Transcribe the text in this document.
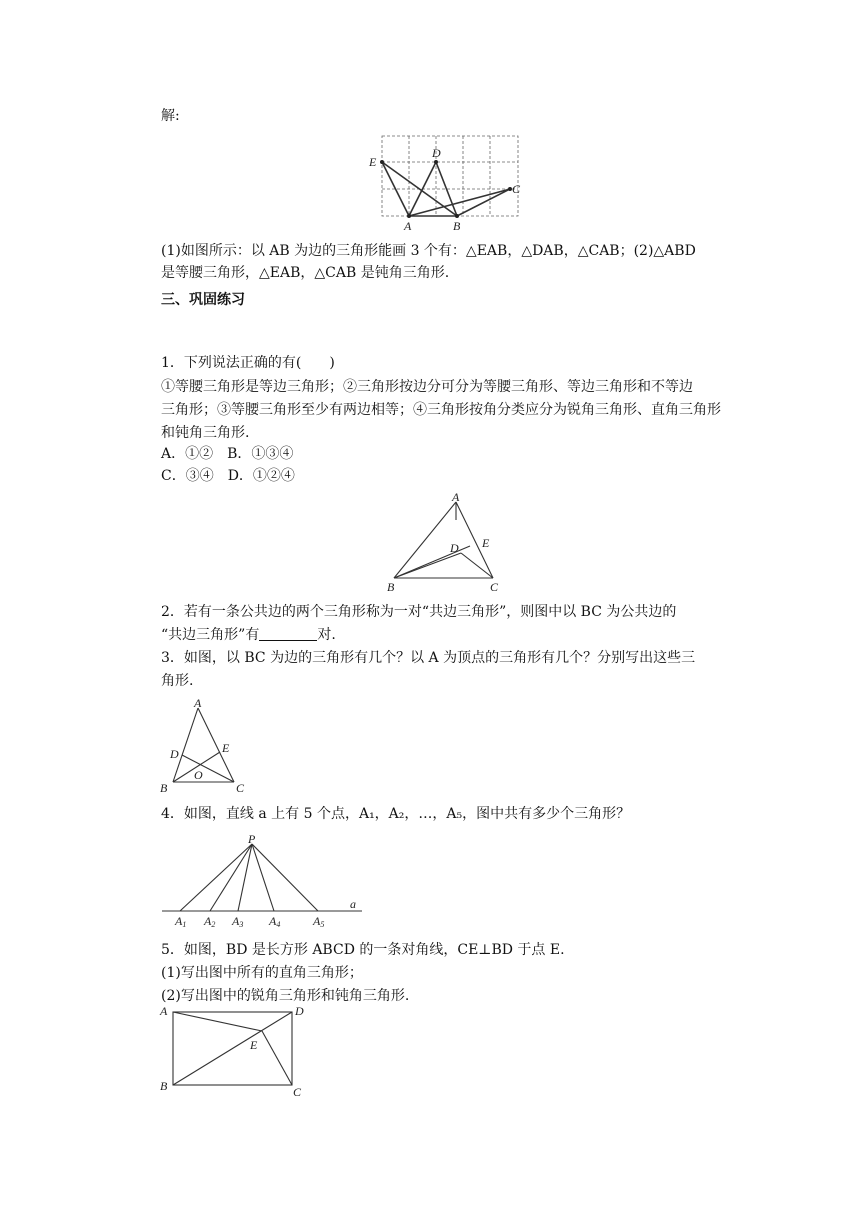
解:
E
D
C
A	B
(1)如图所示：以 AB 为边的三角形能画 3 个有：△EAB，△DAB，△CAB；(2)△ABD
是等腰三角形，△EAB，△CAB 是钝角三角形.
三、巩固练习
1．下列说法正确的有(　　)
①等腰三角形是等边三角形；②三角形按边分可分为等腰三角形、等边三角形和不等边
三角形；③等腰三角形至少有两边相等；④三角形按角分类应分为锐角三角形、直角三角形
和钝角三角形.
A．①②　B．①③④
C．③④　D．①②④
A
D E
B	C
2．若有一条公共边的两个三角形称为一对“共边三角形”，则图中以 BC 为公共边的
“共边三角形”有	对.
3．如图，以 BC 为边的三角形有几个？以 A 为顶点的三角形有几个？分别写出这些三
角形.
A
D	E
O
B	C
4．如图，直线 a 上有 5 个点，A₁，A₂，…，A₅，图中共有多少个三角形？
P
a
A1 A2 A3 A4	A5
5．如图，BD 是长方形 ABCD 的一条对角线，CE⊥BD 于点 E.
(1)写出图中所有的直角三角形；
(2)写出图中的锐角三角形和钝角三角形.
A	D
E
B	C
